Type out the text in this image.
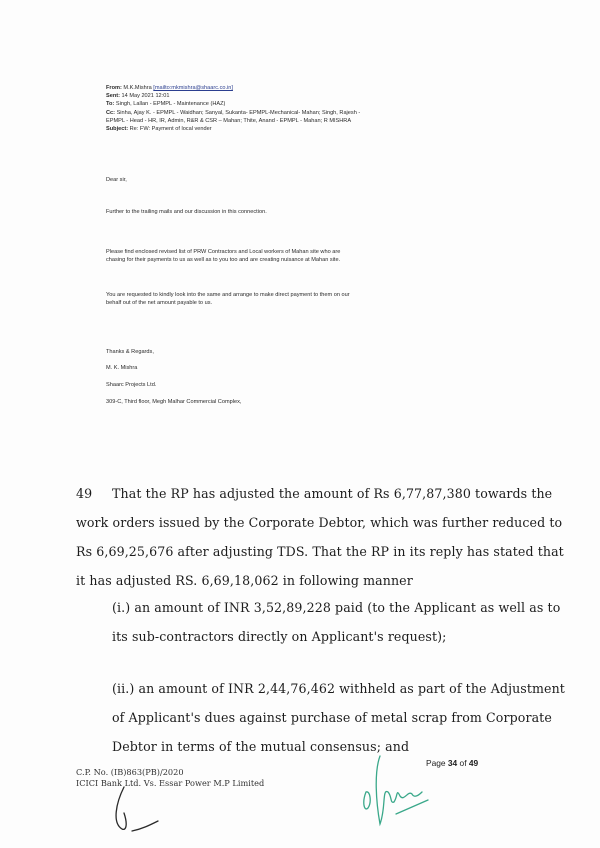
From: M.K.Mishra [mailto:mkmishra@shaarc.co.in]
Sent: 14 May 2021 12:01
To: Singh, Lallan - EPMPL - Maintenance (HAZ)
Cc: Sinha, Ajay K. - EPMPL - Waidhan; Sanyal, Sukanta- EPMPL-Mechanical- Mahan; Singh, Rajesh -
EPMPL - Head - HR, IR, Admin, R&R & CSR – Mahan; Thite, Anand - EPMPL - Mahan; R MISHRA
Subject: Re: FW: Payment of local vender
Dear sir,
Further to the trailing mails and our discussion in this connection.
Please find enclosed revised list of PRW Contractors and Local workers of Mahan site who are
chasing for their payments to us as well as to you too and are creating nuisance at Mahan site.
You are requested to kindly look into the same and arrange to make direct payment to them on our
behalf out of the net amount payable to us.
Thanks & Regards,
M. K. Mishra
Shaarc Projects Ltd.
309-C, Third floor, Megh Malhar Commercial Complex,
49 That the RP has adjusted the amount of Rs 6,77,87,380 towards the
work orders issued by the Corporate Debtor, which was further reduced to
Rs 6,69,25,676 after adjusting TDS. That the RP in its reply has stated that
it has adjusted RS. 6,69,18,062 in following manner
(i.) an amount of INR 3,52,89,228 paid (to the Applicant as well as to
its sub-contractors directly on Applicant's request);
(ii.) an amount of INR 2,44,76,462 withheld as part of the Adjustment
of Applicant's dues against purchase of metal scrap from Corporate
Debtor in terms of the mutual consensus; and
C.P. No. (IB)863(PB)/2020
ICICI Bank Ltd. Vs. Essar Power M.P Limited
Page 34 of 49
